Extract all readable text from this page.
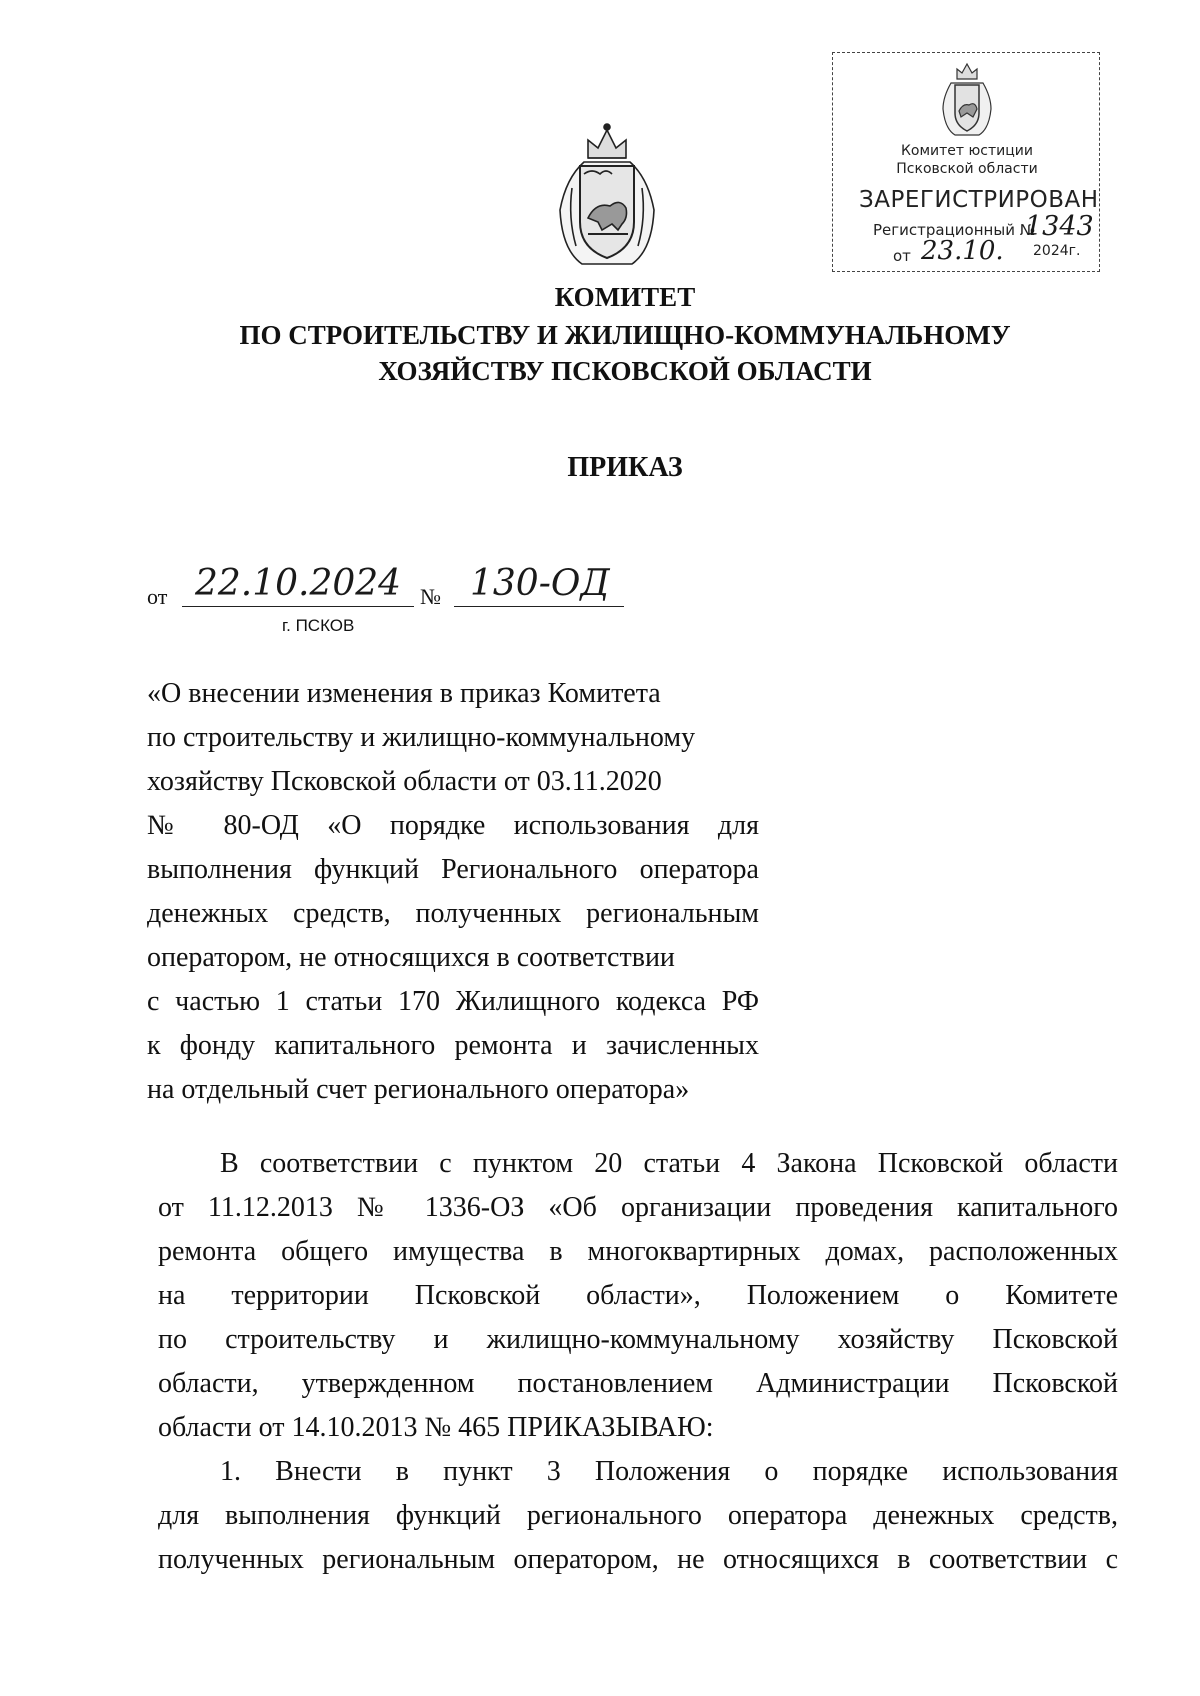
Комитет юстиции
Псковской области
ЗАРЕГИСТРИРОВАН
Регистрационный №
1343
от 23.10. 2024г.
КОМИТЕТ
ПО СТРОИТЕЛЬСТВУ И ЖИЛИЩНО-КОММУНАЛЬНОМУ
ХОЗЯЙСТВУ ПСКОВСКОЙ ОБЛАСТИ
ПРИКАЗ
от 22.10.2024 № 130-ОД
г. ПСКОВ
«О внесении изменения в приказ Комитета
по строительству и жилищно-коммунальному
хозяйству Псковской области от 03.11.2020
№ 80-ОД «О порядке использования для
выполнения функций Регионального оператора
денежных средств, полученных региональным
оператором, не относящихся в соответствии
с частью 1 статьи 170 Жилищного кодекса РФ
к фонду капитального ремонта и зачисленных
на отдельный счет регионального оператора»
В соответствии с пунктом 20 статьи 4 Закона Псковской области
от 11.12.2013 № 1336-ОЗ «Об организации проведения капитального
ремонта общего имущества в многоквартирных домах, расположенных
на территории Псковской области», Положением о Комитете
по строительству и жилищно-коммунальному хозяйству Псковской
области, утвержденном постановлением Администрации Псковской
области от 14.10.2013 № 465 ПРИКАЗЫВАЮ:
1. Внести в пункт 3 Положения о порядке использования
для выполнения функций регионального оператора денежных средств,
полученных региональным оператором, не относящихся в соответствии с
